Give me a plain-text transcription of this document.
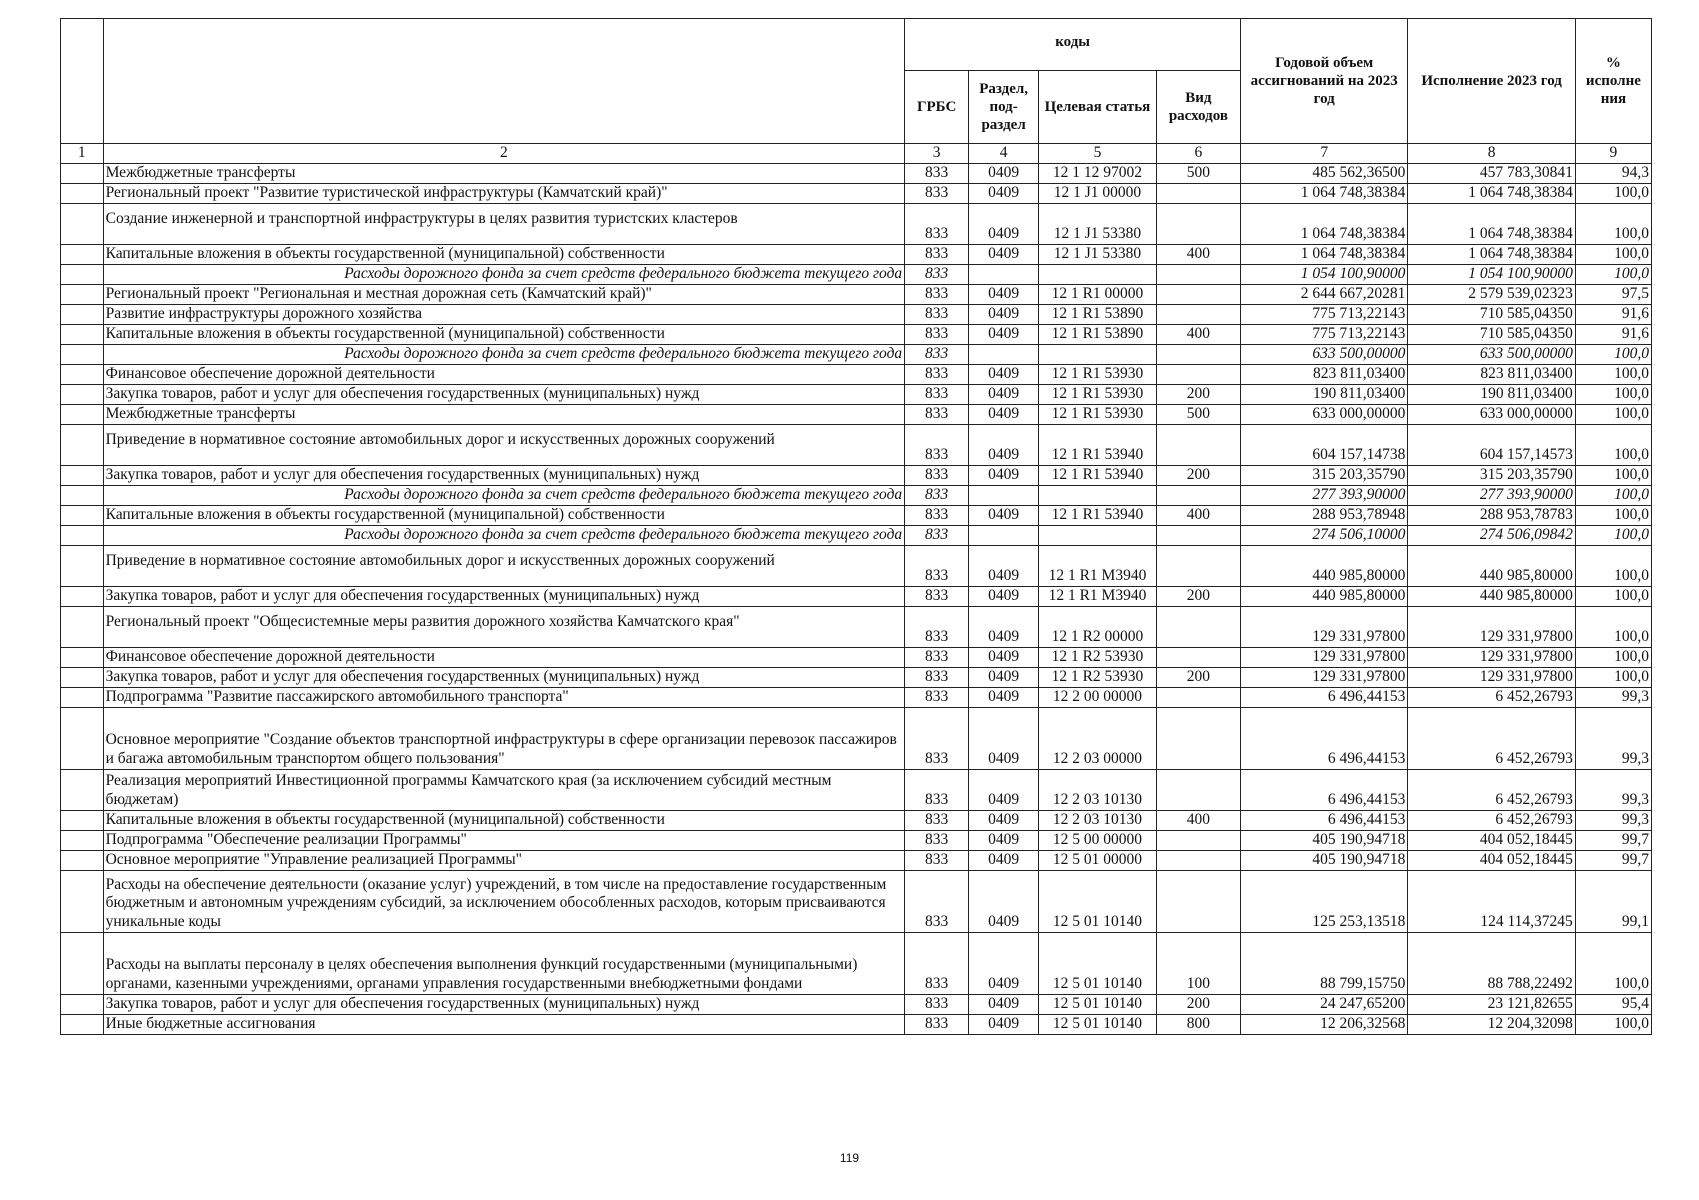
		коды				Годовой объем ассигнований на 2023 год	Исполнение 2023 год	% исполне ния
		ГРБС	Раздел, под-раздел	Целевая статья	Вид расходов			
1	2	3	4	5	6	7	8	9
	Межбюджетные трансферты	833	0409	12 1 12 97002	500	485 562,36500	457 783,30841	94,3
	Региональный проект "Развитие туристической инфраструктуры (Камчатский край)"	833	0409	12 1 J1 00000		1 064 748,38384	1 064 748,38384	100,0
	Создание инженерной и транспортной инфраструктуры в целях развития туристских кластеров	833	0409	12 1 J1 53380		1 064 748,38384	1 064 748,38384	100,0
	Капитальные вложения в объекты государственной (муниципальной) собственности	833	0409	12 1 J1 53380	400	1 064 748,38384	1 064 748,38384	100,0
	Расходы дорожного фонда за счет средств федерального бюджета текущего года	833				1 054 100,90000	1 054 100,90000	100,0
	Региональный проект "Региональная и местная дорожная сеть (Камчатский край)"	833	0409	12 1 R1 00000		2 644 667,20281	2 579 539,02323	97,5
	Развитие инфраструктуры дорожного хозяйства	833	0409	12 1 R1 53890		775 713,22143	710 585,04350	91,6
	Капитальные вложения в объекты государственной (муниципальной) собственности	833	0409	12 1 R1 53890	400	775 713,22143	710 585,04350	91,6
	Расходы дорожного фонда за счет средств федерального бюджета текущего года	833				633 500,00000	633 500,00000	100,0
	Финансовое обеспечение дорожной деятельности	833	0409	12 1 R1 53930		823 811,03400	823 811,03400	100,0
	Закупка товаров, работ и услуг для обеспечения государственных (муниципальных) нужд	833	0409	12 1 R1 53930	200	190 811,03400	190 811,03400	100,0
	Межбюджетные трансферты	833	0409	12 1 R1 53930	500	633 000,00000	633 000,00000	100,0
	Приведение в нормативное состояние автомобильных дорог и искусственных дорожных сооружений	833	0409	12 1 R1 53940		604 157,14738	604 157,14573	100,0
	Закупка товаров, работ и услуг для обеспечения государственных (муниципальных) нужд	833	0409	12 1 R1 53940	200	315 203,35790	315 203,35790	100,0
	Расходы дорожного фонда за счет средств федерального бюджета текущего года	833				277 393,90000	277 393,90000	100,0
	Капитальные вложения в объекты государственной (муниципальной) собственности	833	0409	12 1 R1 53940	400	288 953,78948	288 953,78783	100,0
	Расходы дорожного фонда за счет средств федерального бюджета текущего года	833				274 506,10000	274 506,09842	100,0
	Приведение в нормативное состояние автомобильных дорог и искусственных дорожных сооружений	833	0409	12 1 R1 M3940		440 985,80000	440 985,80000	100,0
	Закупка товаров, работ и услуг для обеспечения государственных (муниципальных) нужд	833	0409	12 1 R1 M3940	200	440 985,80000	440 985,80000	100,0
	Региональный проект "Общесистемные меры развития дорожного хозяйства Камчатского края"	833	0409	12 1 R2 00000		129 331,97800	129 331,97800	100,0
	Финансовое обеспечение дорожной деятельности	833	0409	12 1 R2 53930		129 331,97800	129 331,97800	100,0
	Закупка товаров, работ и услуг для обеспечения государственных (муниципальных) нужд	833	0409	12 1 R2 53930	200	129 331,97800	129 331,97800	100,0
	Подпрограмма "Развитие пассажирского автомобильного транспорта"	833	0409	12 2 00 00000		6 496,44153	6 452,26793	99,3
	Основное мероприятие "Создание объектов транспортной инфраструктуры в сфере организации перевозок пассажиров и багажа автомобильным транспортом общего пользования"	833	0409	12 2 03 00000		6 496,44153	6 452,26793	99,3
	Реализация мероприятий Инвестиционной программы Камчатского края (за исключением субсидий местным бюджетам)	833	0409	12 2 03 10130		6 496,44153	6 452,26793	99,3
	Капитальные вложения в объекты государственной (муниципальной) собственности	833	0409	12 2 03 10130	400	6 496,44153	6 452,26793	99,3
	Подпрограмма "Обеспечение реализации Программы"	833	0409	12 5 00 00000		405 190,94718	404 052,18445	99,7
	Основное мероприятие "Управление реализацией Программы"	833	0409	12 5 01 00000		405 190,94718	404 052,18445	99,7
	Расходы на обеспечение деятельности (оказание услуг) учреждений, в том числе на предоставление государственным бюджетным и автономным учреждениям субсидий, за исключением обособленных расходов, которым присваиваются уникальные коды	833	0409	12 5 01 10140		125 253,13518	124 114,37245	99,1
	Расходы на выплаты персоналу в целях обеспечения выполнения функций государственными (муниципальными) органами, казенными учреждениями, органами управления государственными внебюджетными фондами	833	0409	12 5 01 10140	100	88 799,15750	88 788,22492	100,0
	Закупка товаров, работ и услуг для обеспечения государственных (муниципальных) нужд	833	0409	12 5 01 10140	200	24 247,65200	23 121,82655	95,4
	Иные бюджетные ассигнования	833	0409	12 5 01 10140	800	12 206,32568	12 204,32098	100,0
119
